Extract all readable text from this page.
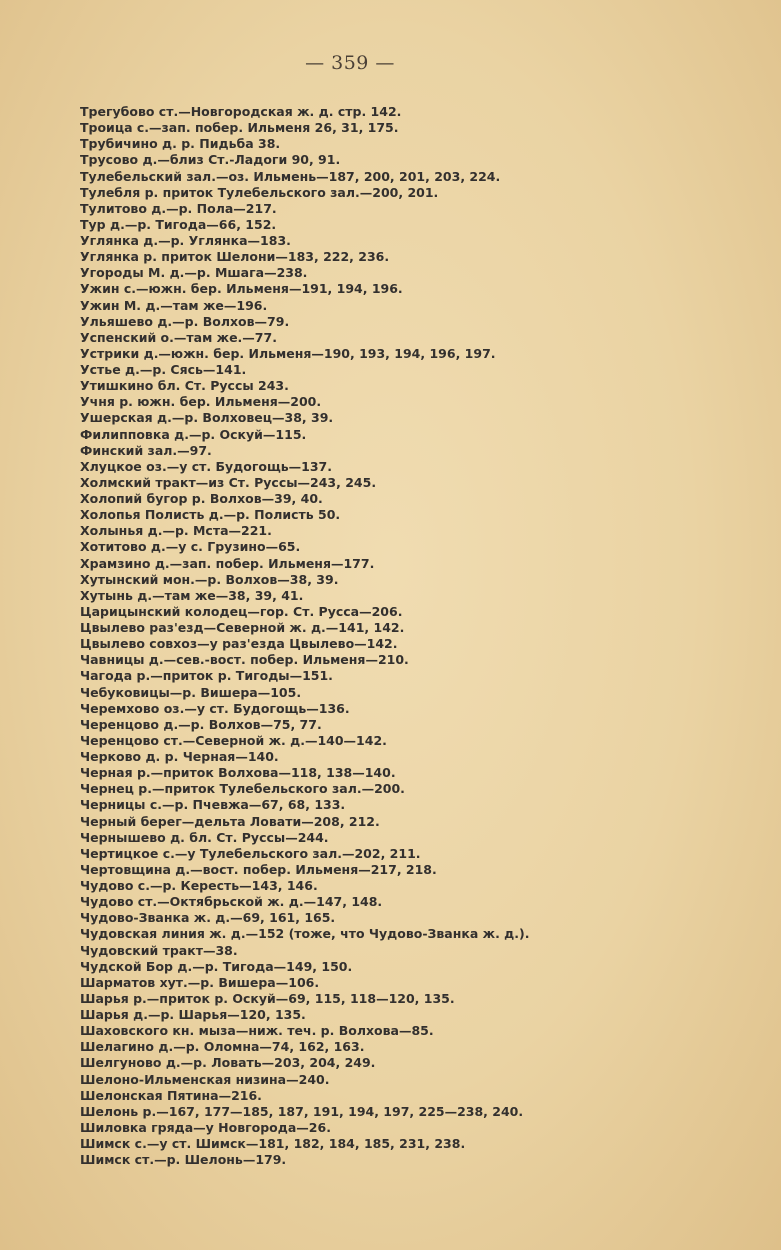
— 359 —
Трегубово ст.—Новгородская ж. д. стр. 142.
Троица с.—зап. побер. Ильменя 26, 31, 175.
Трубичино д. р. Пидьба 38.
Трусово д.—близ Ст.-Ладоги 90, 91.
Тулебельский зал.—оз. Ильмень—187, 200, 201, 203, 224.
Тулебля р. приток Тулебельского зал.—200, 201.
Тулитово д.—р. Пола—217.
Тур д.—р. Тигода—66, 152.
Углянка д.—р. Углянка—183.
Углянка р. приток Шелони—183, 222, 236.
Угороды М. д.—р. Мшага—238.
Ужин с.—южн. бер. Ильменя—191, 194, 196.
Ужин М. д.—там же—196.
Ульяшево д.—р. Волхов—79.
Успенский о.—там же.—77.
Устрики д.—южн. бер. Ильменя—190, 193, 194, 196, 197.
Устье д.—р. Сясь—141.
Утишкино бл. Ст. Руссы 243.
Учня р. южн. бер. Ильменя—200.
Ушерская д.—р. Волховец—38, 39.
Филипповка д.—р. Оскуй—115.
Финский зал.—97.
Хлуцкое оз.—у ст. Будогощь—137.
Холмский тракт—из Ст. Руссы—243, 245.
Холопий бугор р. Волхов—39, 40.
Холопья Полисть д.—р. Полисть 50.
Холынья д.—р. Мста—221.
Хотитово д.—у с. Грузино—65.
Храмзино д.—зап. побер. Ильменя—177.
Хутынский мон.—р. Волхов—38, 39.
Хутынь д.—там же—38, 39, 41.
Царицынский колодец—гор. Ст. Русса—206.
Цвылево раз'езд—Северной ж. д.—141, 142.
Цвылево совхоз—у раз'езда Цвылево—142.
Чавницы д.—сев.-вост. побер. Ильменя—210.
Чагода р.—приток р. Тигоды—151.
Чебуковицы—р. Вишера—105.
Черемхово оз.—у ст. Будогощь—136.
Черенцово д.—р. Волхов—75, 77.
Черенцово ст.—Северной ж. д.—140—142.
Черково д. р. Черная—140.
Черная р.—приток Волхова—118, 138—140.
Чернец р.—приток Тулебельского зал.—200.
Черницы с.—р. Пчевжа—67, 68, 133.
Черный берег—дельта Ловати—208, 212.
Чернышево д. бл. Ст. Руссы—244.
Чертицкое с.—у Тулебельского зал.—202, 211.
Чертовщина д.—вост. побер. Ильменя—217, 218.
Чудово с.—р. Кересть—143, 146.
Чудово ст.—Октябрьской ж. д.—147, 148.
Чудово-Званка ж. д.—69, 161, 165.
Чудовская линия ж. д.—152 (тоже, что Чудово-Званка ж. д.).
Чудовский тракт—38.
Чудской Бор д.—р. Тигода—149, 150.
Шарматов хут.—р. Вишера—106.
Шарья р.—приток р. Оскуй—69, 115, 118—120, 135.
Шарья д.—р. Шарья—120, 135.
Шаховского кн. мыза—ниж. теч. р. Волхова—85.
Шелагино д.—р. Оломна—74, 162, 163.
Шелгуново д.—р. Ловать—203, 204, 249.
Шелонo-Ильменская низина—240.
Шелонская Пятина—216.
Шелонь р.—167, 177—185, 187, 191, 194, 197, 225—238, 240.
Шиловка гряда—у Новгорода—26.
Шимск с.—у ст. Шимск—181, 182, 184, 185, 231, 238.
Шимск ст.—р. Шелонь—179.
